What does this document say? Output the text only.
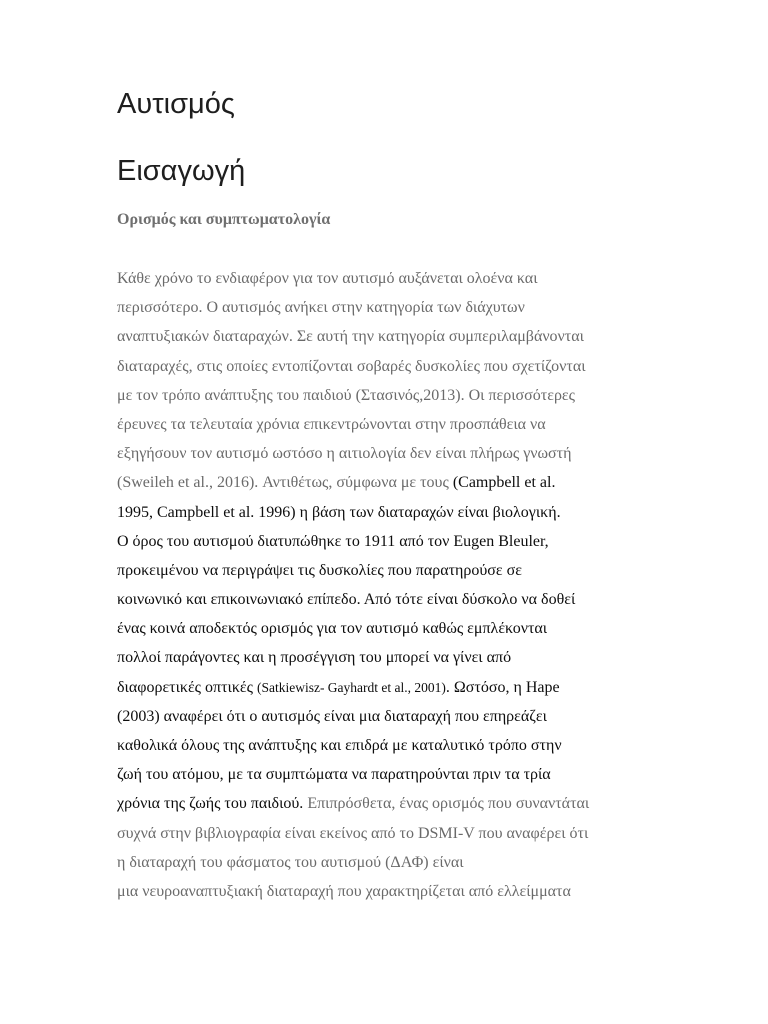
Αυτισμός
Εισαγωγή
Ορισμός και συμπτωματολογία
Κάθε χρόνο το ενδιαφέρον για τον αυτισμό αυξάνεται ολοένα και
περισσότερο. Ο αυτισμός ανήκει στην κατηγορία των διάχυτων
αναπτυξιακών διαταραχών. Σε αυτή την κατηγορία συμπεριλαμβάνονται
διαταραχές, στις οποίες εντοπίζονται σοβαρές δυσκολίες που σχετίζονται
με τον τρόπο ανάπτυξης του παιδιού (Στασινός,2013). Οι περισσότερες
έρευνες τα τελευταία χρόνια επικεντρώνονται στην προσπάθεια να
εξηγήσουν τον αυτισμό ωστόσο η αιτιολογία δεν είναι πλήρως γνωστή
(Sweileh et al., 2016). Αντιθέτως, σύμφωνα με τους (Campbell et al.
1995, Campbell et al. 1996) η βάση των διαταραχών είναι βιολογική.
Ο όρος του αυτισμού διατυπώθηκε το 1911 από τον Eugen Bleuler,
προκειμένου να περιγράψει τις δυσκολίες που παρατηρούσε σε
κοινωνικό και επικοινωνιακό επίπεδο. Από τότε είναι δύσκολο να δοθεί
ένας κοινά αποδεκτός ορισμός για τον αυτισμό καθώς εμπλέκονται
πολλοί παράγοντες και η προσέγγιση του μπορεί να γίνει από
διαφορετικές οπτικές (Satkiewisz- Gayhardt et al., 2001). Ωστόσο, η Hape
(2003) αναφέρει ότι ο αυτισμός είναι μια διαταραχή που επηρεάζει
καθολικά όλους της ανάπτυξης και επιδρά με καταλυτικό τρόπο στην
ζωή του ατόμου, με τα συμπτώματα να παρατηρούνται πριν τα τρία
χρόνια της ζωής του παιδιού. Επιπρόσθετα, ένας ορισμός που συναντάται
συχνά στην βιβλιογραφία είναι εκείνος από το DSMI-V που αναφέρει ότι
η διαταραχή του φάσματος του αυτισμού (ΔΑΦ) είναι
μια νευροαναπτυξιακή διαταραχή που χαρακτηρίζεται από ελλείμματα
